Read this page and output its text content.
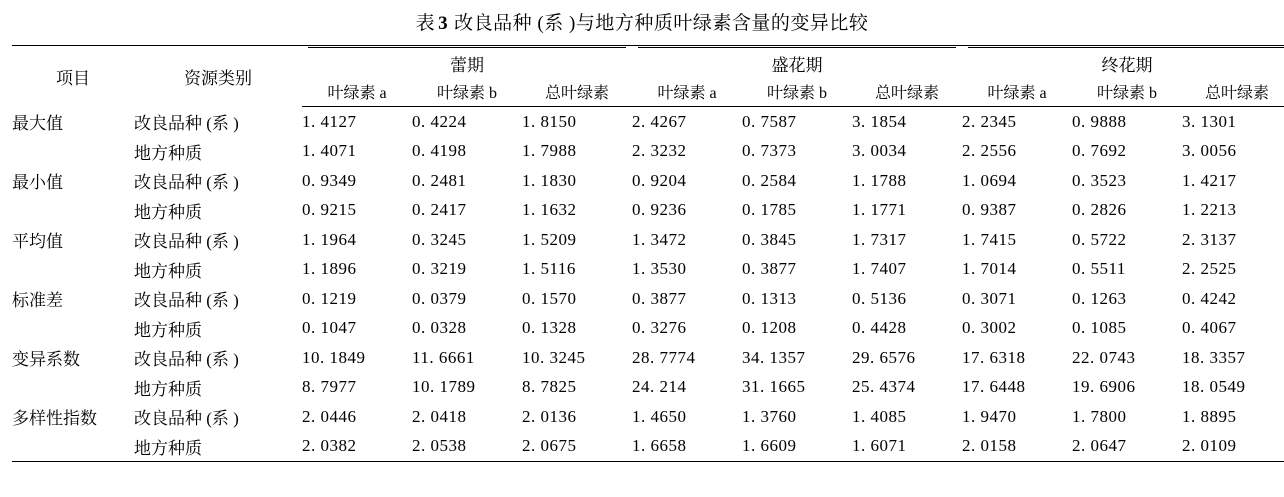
表 3 改良品种 (系 )与地方种质叶绿素含量的变异比较
项目	资源类别	蕾期			盛花期			终花期		
		叶绿素 a	叶绿素 b	总叶绿素	叶绿素 a	叶绿素 b	总叶绿素	叶绿素 a	叶绿素 b	总叶绿素
最大值	改良品种 (系 )	1. 4127	0. 4224	1. 8150	2. 4267	0. 7587	3. 1854	2. 2345	0. 9888	3. 1301
	地方种质	1. 4071	0. 4198	1. 7988	2. 3232	0. 7373	3. 0034	2. 2556	0. 7692	3. 0056
最小值	改良品种 (系 )	0. 9349	0. 2481	1. 1830	0. 9204	0. 2584	1. 1788	1. 0694	0. 3523	1. 4217
	地方种质	0. 9215	0. 2417	1. 1632	0. 9236	0. 1785	1. 1771	0. 9387	0. 2826	1. 2213
平均值	改良品种 (系 )	1. 1964	0. 3245	1. 5209	1. 3472	0. 3845	1. 7317	1. 7415	0. 5722	2. 3137
	地方种质	1. 1896	0. 3219	1. 5116	1. 3530	0. 3877	1. 7407	1. 7014	0. 5511	2. 2525
标准差	改良品种 (系 )	0. 1219	0. 0379	0. 1570	0. 3877	0. 1313	0. 5136	0. 3071	0. 1263	0. 4242
	地方种质	0. 1047	0. 0328	0. 1328	0. 3276	0. 1208	0. 4428	0. 3002	0. 1085	0. 4067
变异系数	改良品种 (系 )	10. 1849	11. 6661	10. 3245	28. 7774	34. 1357	29. 6576	17. 6318	22. 0743	18. 3357
	地方种质	8. 7977	10. 1789	8. 7825	24. 214	31. 1665	25. 4374	17. 6448	19. 6906	18. 0549
多样性指数	改良品种 (系 )	2. 0446	2. 0418	2. 0136	1. 4650	1. 3760	1. 4085	1. 9470	1. 7800	1. 8895
	地方种质	2. 0382	2. 0538	2. 0675	1. 6658	1. 6609	1. 6071	2. 0158	2. 0647	2. 0109
